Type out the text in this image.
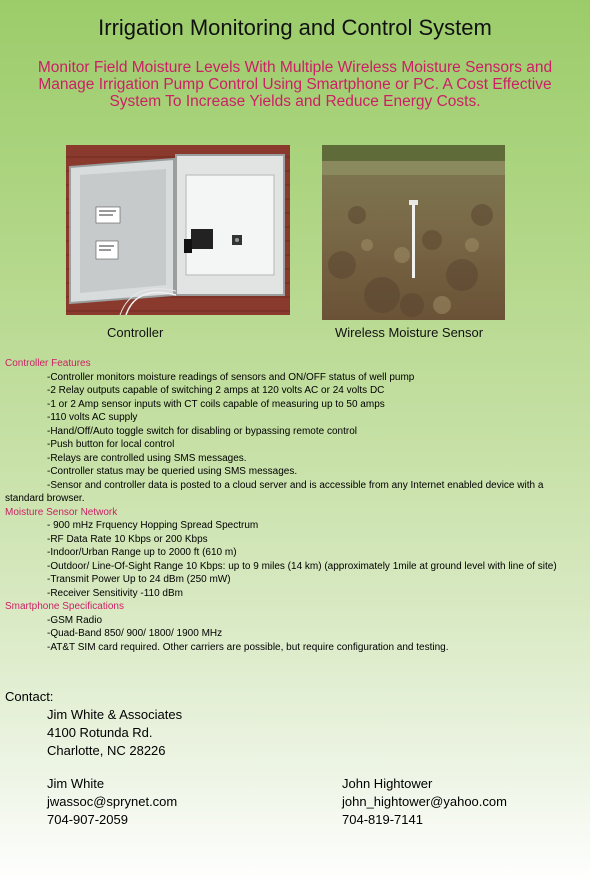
Irrigation Monitoring and Control System
Monitor Field Moisture Levels With Multiple Wireless Moisture Sensors and
Manage Irrigation Pump Control Using Smartphone or PC. A Cost Effective
System To Increase Yields and Reduce Energy Costs.
Controller	Wireless Moisture Sensor
Controller Features
-Controller monitors moisture readings of sensors and ON/OFF status of well pump
-2 Relay outputs capable of switching 2 amps at 120 volts AC or 24 volts DC
-1 or 2 Amp sensor inputs with CT coils capable of measuring up to 50 amps
-110 volts AC supply
-Hand/Off/Auto toggle switch for disabling or bypassing remote control
-Push button for local control
-Relays are controlled using SMS messages.
-Controller status may be queried using SMS messages.
-Sensor and controller data is posted to a cloud server and is accessible from any Internet enabled device with a standard browser.
Moisture Sensor Network
- 900 mHz Frquency Hopping Spread Spectrum
-RF Data Rate 10 Kbps or 200 Kbps
-Indoor/Urban Range up to 2000 ft (610 m)
-Outdoor/ Line-Of-Sight Range 10 Kbps: up to 9 miles (14 km) (approximately 1mile at ground level with line of site)
-Transmit Power Up to 24 dBm (250 mW)
-Receiver Sensitivity -110 dBm
Smartphone Specifications
-GSM Radio
-Quad-Band 850/ 900/ 1800/ 1900 MHz
-AT&T SIM card required. Other carriers are possible, but require configuration and testing.
Contact:
Jim White & Associates
4100 Rotunda Rd.
Charlotte, NC 28226
Jim White
jwassoc@sprynet.com
704-907-2059
John Hightower
john_hightower@yahoo.com
704-819-7141
